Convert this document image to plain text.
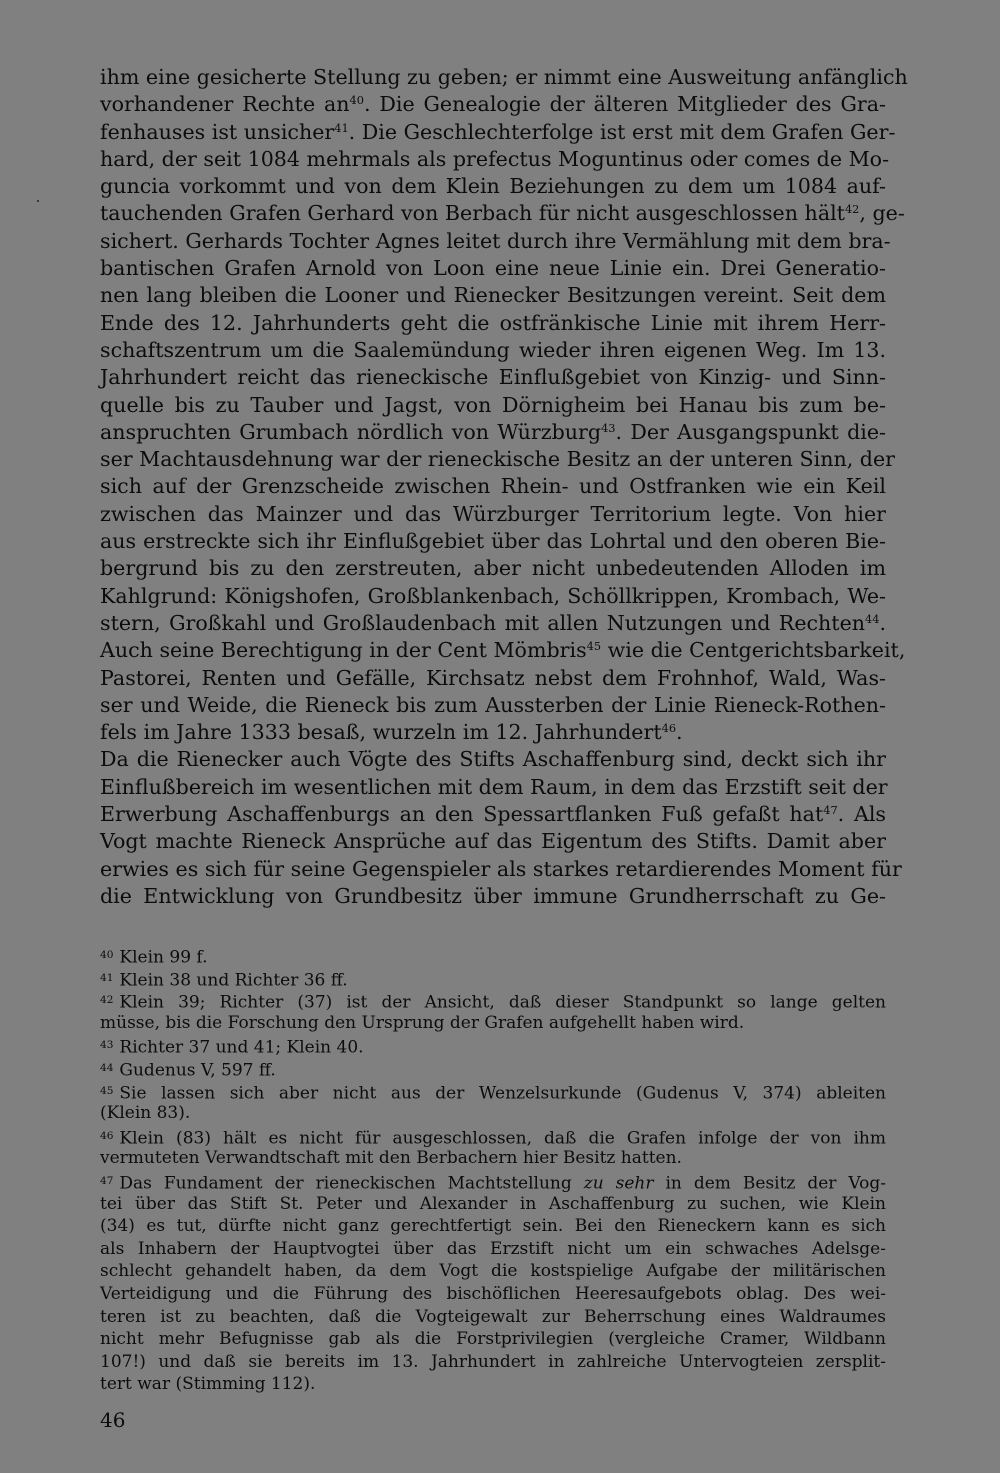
ihm eine gesicherte Stellung zu geben; er nimmt eine Ausweitung anfänglich
vorhandener Rechte $an^{40}$. Die Genealogie der älteren Mitglieder des Gra-
fenhauses ist unsicher$^{41}$. Die Geschlechterfolge ist erst mit dem Grafen Ger-
hard, der seit 1084 mehrmals als prefectus Moguntinus oder comes de Mo-
guncia vorkommt und von dem Klein Beziehungen zu dem um 1084 auf-
tauchenden Grafen Gerhard von Berbach für nicht ausgeschlossen hält$^{42}$, ge-
sichert. Gerhards Tochter Agnes leitet durch ihre Vermählung mit dem bra-
bantischen Grafen Arnold von Loon eine neue Linie ein. Drei Generatio-
nen lang bleiben die Looner und Rienecker Besitzungen vereint. Seit dem
Ende des 12. Jahrhunderts geht die ostfränkische Linie mit ihrem Herr-
schaftszentrum um die Saalemündung wieder ihren eigenen Weg. Im 13.
Jahrhundert reicht das rieneckische Einflußgebiet von Kinzig- und Sinn-
quelle bis zu Tauber und Jagst, von Dörnigheim bei Hanau bis zum be-
anspruchten Grumbach nördlich von Würzburg$^{43}$. Der Ausgangspunkt die-
ser Machtausdehnung war der rieneckische Besitz an der unteren Sinn, der
sich auf der Grenzscheide zwischen Rhein- und Ostfranken wie ein Keil
zwischen das Mainzer und das Würzburger Territorium legte. Von hier
aus erstreckte sich ihr Einflußgebiet über das Lohrtal und den oberen Bie-
bergrund bis zu den zerstreuten, aber nicht unbedeutenden Alloden im
Kahlgrund: Königshofen, Großblankenbach, Schöllkrippen, Krombach, We-
stern, Großkahl und Großlaudenbach mit allen Nutzungen und Rechten$^{44}$.
Auch seine Berechtigung in der Cent Mömbris$^{45}$ wie die Centgerichtsbarkeit,
Pastorei, Renten und Gefälle, Kirchsatz nebst dem Frohnhof, Wald, Was-
ser und Weide, die Rieneck bis zum Aussterben der Linie Rieneck-Rothen-
fels im Jahre 1333 besaß, wurzeln im 12. Jahrhundert$^{46}$.
Da die Rienecker auch Vögte des Stifts Aschaffenburg sind, deckt sich ihr
Einflußbereich im wesentlichen mit dem Raum, in dem das Erzstift seit der
Erwerbung Aschaffenburgs an den Spessartflanken Fuß gefaßt hat$^{47}$. Als
Vogt machte Rieneck Ansprüche auf das Eigentum des Stifts. Damit aber
erwies es sich für seine Gegenspieler als starkes retardierendes Moment für
die Entwicklung von Grundbesitz über immune Grundherrschaft zu Ge-
$^{40}$ Klein 99 f.
$^{41}$ Klein 38 und Richter 36 ff.
$^{42}$ Klein 39; Richter (37) ist der Ansicht, daß dieser Standpunkt so lange gelten
müsse, bis die Forschung den Ursprung der Grafen aufgehellt haben wird.
$^{43}$ Richter 37 und 41; Klein 40.
$^{44}$ Gudenus V, 597 ff.
$^{45}$ Sie lassen sich aber nicht aus der Wenzelsurkunde (Gudenus V, 374) ableiten
(Klein 83).
$^{46}$ Klein (83) hält es nicht für ausgeschlossen, daß die Grafen infolge der von ihm
vermuteten Verwandtschaft mit den Berbachern hier Besitz hatten.
$^{47}$ Das Fundament der rieneckischen Machtstellung zu sehr in dem Besitz der Vog-
tei über das Stift St. Peter und Alexander in Aschaffenburg zu suchen, wie Klein
(34) es tut, dürfte nicht ganz gerechtfertigt sein. Bei den Rieneckern kann es sich
als Inhabern der Hauptvogtei über das Erzstift nicht um ein schwaches Adelsge-
schlecht gehandelt haben, da dem Vogt die kostspielige Aufgabe der militärischen
Verteidigung und die Führung des bischöflichen Heeresaufgebots oblag. Des wei-
teren ist zu beachten, daß die Vogteigewalt zur Beherrschung eines Waldraumes
nicht mehr Befugnisse gab als die Forstprivilegien (vergleiche Cramer, Wildbann
107!) und daß sie bereits im 13. Jahrhundert in zahlreiche Untervogteien zersplit-
tert war (Stimming 112).
46
